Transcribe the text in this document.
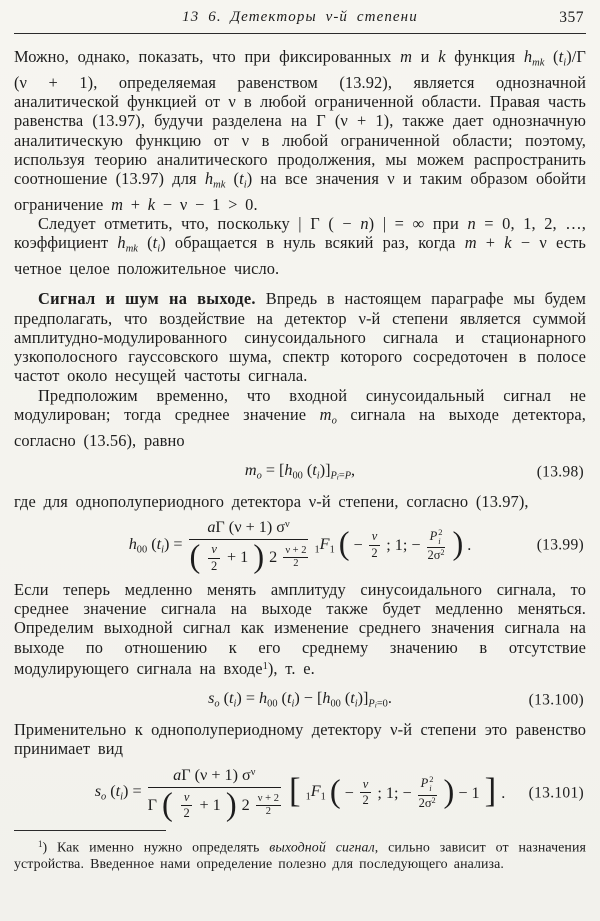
13 6. Детекторы ν-й степени	357

Можно, однако, показать, что при фиксированных m и k функция $h_{mk}$ $(t_i)/\Gamma$ (ν + 1), определяемая равенством (13.92), является однозначной аналитической функцией от ν в любой ограниченной области. Правая часть равенства (13.97), будучи разделена на Γ (ν + 1), также дает однозначную аналитическую функцию от ν в любой ограниченной области; поэтому, используя теорию аналитического продолжения, мы можем распространить соотношение (13.97) для $h_{mk}$ $(t_i)$ на все значения ν и таким образом обойти ограничение m + k − ν − 1 > 0.

Следует отметить, что, поскольку | Γ ( − n) | = ∞ при n = 0, 1, 2, …, коэффициент $h_{mk}$ $(t_i)$ обращается в нуль всякий раз, когда m + k − ν есть четное целое положительное число.

Сигнал и шум на выходе. Впредь в настоящем параграфе мы будем предполагать, что воздействие на детектор ν-й степени является суммой амплитудно-модулированного синусоидального сигнала и стационарного узкополосного гауссовского шума, спектр которого сосредоточен в полосе частот около несущей частоты сигнала.

Предположим временно, что входной синусоидальный сигнал не модулирован; тогда среднее значение $m_o$ сигнала на выходе детектора, согласно (13.56), равно

$m_o = [h_{00}$ $(t_i)]_{Pi=P}$,	(13.98)

где для однополупериодного детектора ν-й степени, согласно (13.97),

$h_{00}$ $(t_i)$ =
aΓ (ν + 1) $\sigma^\nu$
( $\frac{\nu}{2} + 1$ ) $2 \frac{\nu + 2}{2} _1F_1$ ( − $\frac{\nu}{2}$ ; 1; − P 2
i
$2\sigma^2$ ) .	(13.99)

Если теперь медленно менять амплитуду синусоидального сигнала, то среднее значение сигнала на выходе также будет медленно меняться. Определим выходной сигнал как изменение среднего значения сигнала на выходе по отношению к его среднему значению в отсутствие модулирующего сигнала на входе$^1$), т. е.

$s_o$ $(t_i) = h_{00}$ $(t_i) - [h_{00}$ $(t_i)]_{Pi=0}$.	(13.100)

Применительно к однополупериодному детектору ν-й степени это равенство принимает вид

$s_o$ $(t_i)$ =
aΓ (ν + 1) $\sigma^\nu$
Γ ( $\frac{\nu}{2} + 1$ ) $2 \frac{\nu + 2}{2}$ [ $_1F_1$ ( − $\frac{\nu}{2}$ ; 1; − P 2
i
$2\sigma^2$ ) − 1 ] . (13.101)

$^1$) Как именно нужно определять выходной сигнал, сильно зависит от назначения устройства. Введенное нами определение полезно для последующего анализа.
